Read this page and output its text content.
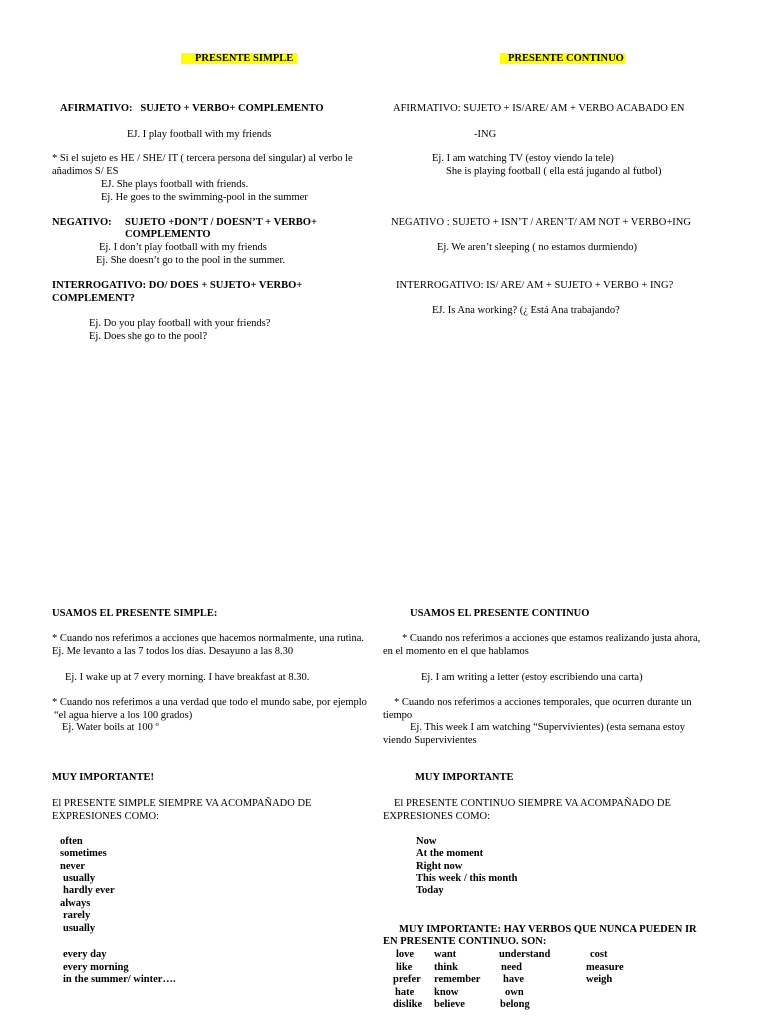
PRESENTE SIMPLE	PRESENTE CONTINUO
AFIRMATIVO: SUJETO + VERBO+ COMPLEMENTO
EJ. I play football with my friends
* Si el sujeto es HE / SHE/ IT ( tercera persona del singular) al verbo le
añadimos S/ ES
EJ. She plays football with friends.
Ej. He goes to the swimming-pool in the summer
NEGATIVO: SUJETO +DON’T / DOESN’T + VERBO+
COMPLEMENTO
Ej. I don’t play football with my friends
Ej. She doesn’t go to the pool in the summer.
INTERROGATIVO: DO/ DOES + SUJETO+ VERBO+
COMPLEMENT?
Ej. Do you play football with your friends?
Ej. Does she go to the pool?
AFIRMATIVO: SUJETO + IS/ARE/ AM + VERBO ACABADO EN
-ING
Ej. I am watching TV (estoy viendo la tele)
She is playing football ( ella está jugando al futbol)
NEGATIVO : SUJETO + ISN’T / AREN’T/ AM NOT + VERBO+ING
Ej. We aren’t sleeping ( no estamos durmiendo)
INTERROGATIVO: IS/ ARE/ AM + SUJETO + VERBO + ING?
EJ. Is Ana working? (¿ Está Ana trabajando?
USAMOS EL PRESENTE SIMPLE:
* Cuando nos referimos a acciones que hacemos normalmente, una rutina.
Ej. Me levanto a las 7 todos los días. Desayuno a las 8.30
Ej. I wake up at 7 every morning. I have breakfast at 8.30.
* Cuando nos referimos a una verdad que todo el mundo sabe, por ejemplo
“el agua hierve a los 100 grados)
Ej. Water boils at 100 º
USAMOS EL PRESENTE CONTINUO
* Cuando nos referimos a acciones que estamos realizando justa ahora,
en el momento en el que hablamos
Ej. I am writing a letter (estoy escribiendo una carta)
* Cuando nos referimos a acciones temporales, que ocurren durante un
tiempo
Ej. This week I am watching “Supervivientes) (esta semana estoy
viendo Supervivientes
MUY IMPORTANTE!
El PRESENTE SIMPLE SIEMPRE VA ACOMPAÑADO DE
EXPRESIONES COMO:
often
sometimes
never
usually
hardly ever
always
rarely
usually
every day
every morning
in the summer/ winter….
MUY IMPORTANTE
El PRESENTE CONTINUO SIEMPRE VA ACOMPAÑADO DE
EXPRESIONES COMO:
Now
At the moment
Right now
This week / this month
Today
MUY IMPORTANTE: HAY VERBOS QUE NUNCA PUEDEN IR
EN PRESENTE CONTINUO. SON:
love want	understand	cost
like think	need	measure
prefer remember have	weigh
hate know	own
dislike believe	belong
